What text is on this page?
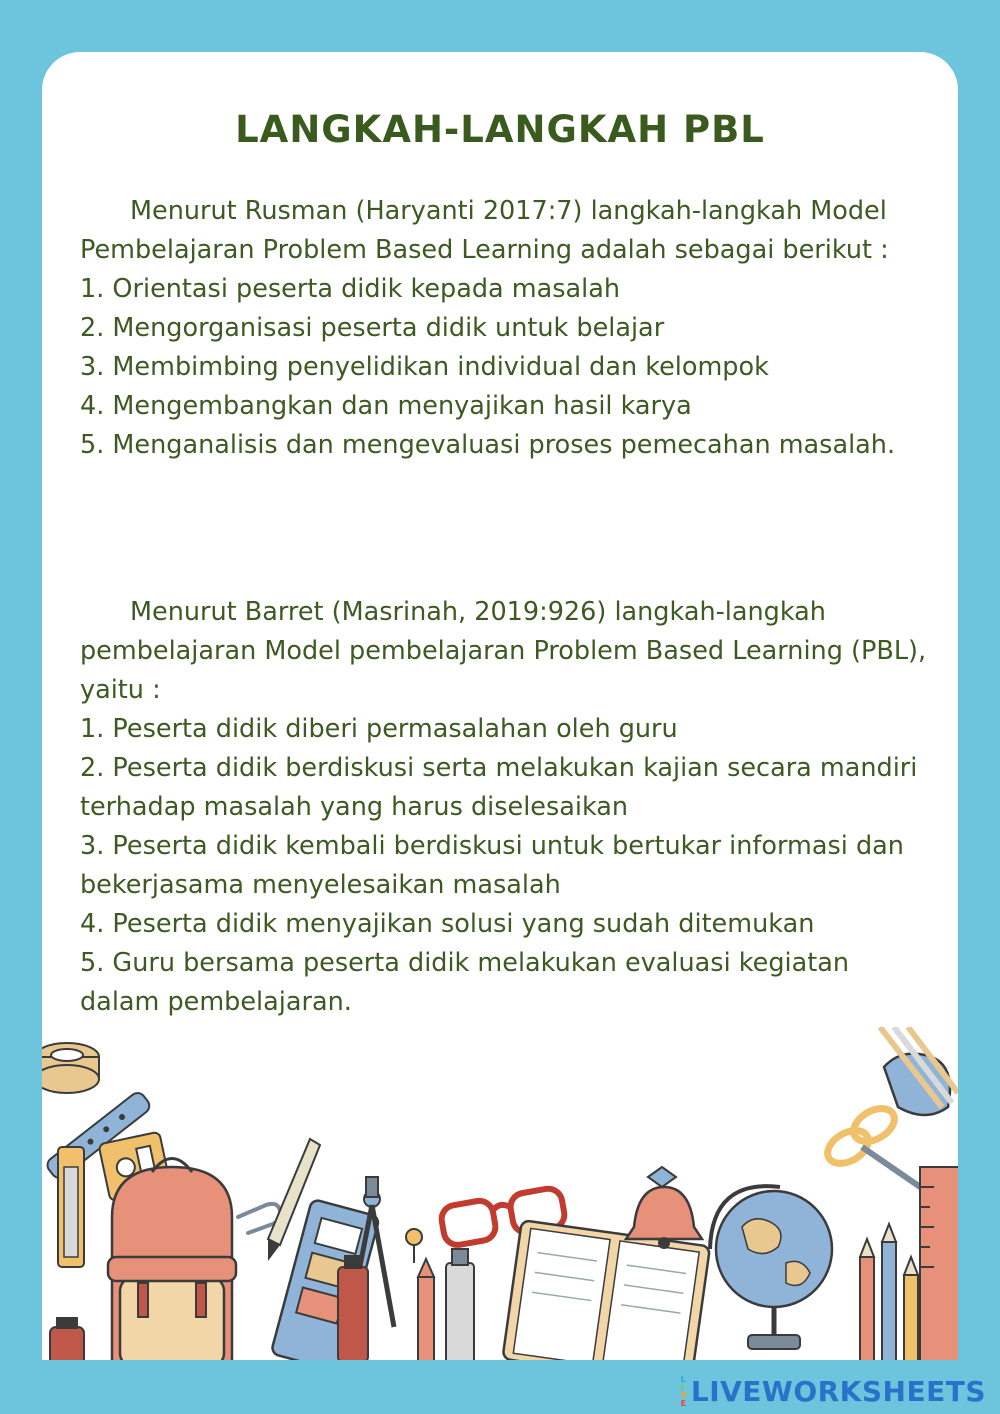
LANGKAH-LANGKAH PBL

Menurut Rusman (Haryanti 2017:7) langkah-langkah Model Pembelajaran Problem Based Learning adalah sebagai berikut :

1. Orientasi peserta didik kepada masalah
2. Mengorganisasi peserta didik untuk belajar
3. Membimbing penyelidikan individual dan kelompok
4. Mengembangkan dan menyajikan hasil karya
5. Menganalisis dan mengevaluasi proses pemecahan masalah.

Menurut Barret (Masrinah, 2019:926) langkah-langkah pembelajaran Model pembelajaran Problem Based Learning (PBL), yaitu :

1. Peserta didik diberi permasalahan oleh guru
2. Peserta didik berdiskusi serta melakukan kajian secara mandiri terhadap masalah yang harus diselesaikan
3. Peserta didik kembali berdiskusi untuk bertukar informasi dan bekerjasama menyelesaikan masalah
4. Peserta didik menyajikan solusi yang sudah ditemukan
5. Guru bersama peserta didik melakukan evaluasi kegiatan dalam pembelajaran.
L
I
V
E LIVEWORKSHEETS
